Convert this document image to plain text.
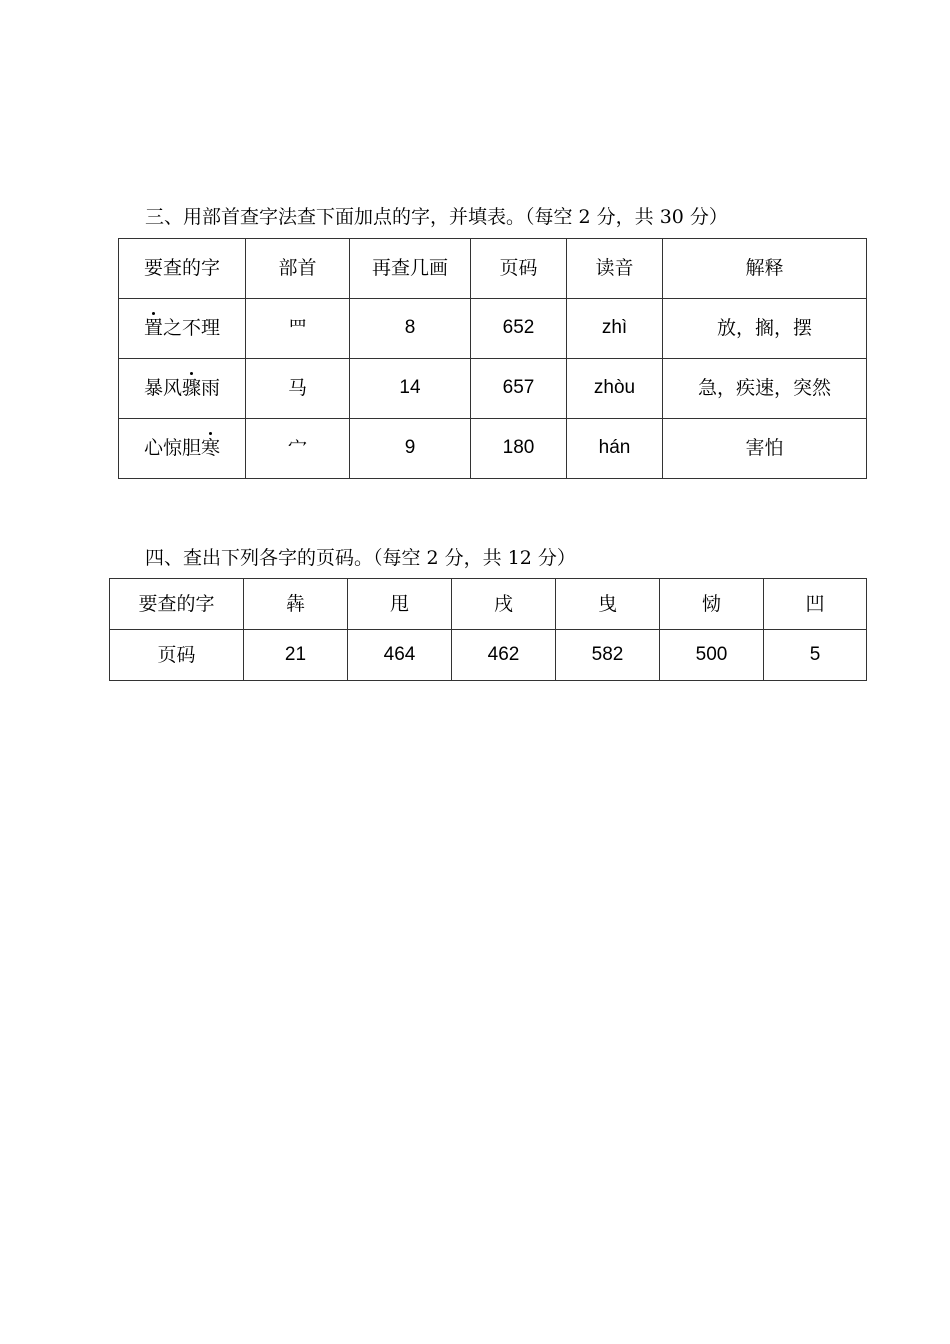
三、用部首查字法查下面加点的字，并填表。（每空 2 分，共 30 分）
要查的字	部首	再查几画	页码	读音	解释
置之不理	罒	8	652	zhì	放，搁，摆
暴风骤雨	马	14	657	zhòu	急，疾速，突然
心惊胆寒	宀	9	180	hán	害怕
四、查出下列各字的页码。（每空 2 分，共 12 分）
要查的字	犇	甩	戌	曳	恸	凹
页码	21	464	462	582	500	5
